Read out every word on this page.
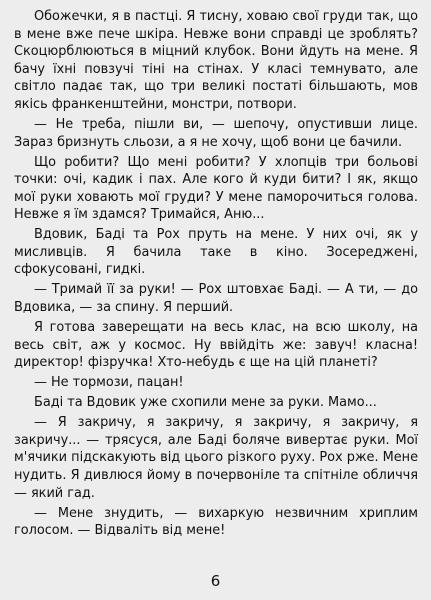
Обожечки, я в пастці. Я тисну, ховаю свої груди так, що в мене вже пече шкіра. Невже вони справді це зроблять? Скоцюрблюються в міцний клубок. Вони йдуть на мене. Я бачу їхні повзучі тіні на стінах. У класі темнувато, але світло падає так, що три великі постаті більшають, мов якісь франкенштейни, монстри, потвори.

— Не треба, пішли ви, — шепочу, опустивши лице. Зараз бризнуть сльози, а я не хочу, щоб вони це бачили.

Що робити? Що мені робити? У хлопців три больові точки: очі, кадик і пах. Але кого й куди бити? І як, якщо мої руки ховають мої груди? У мене паморочиться голова. Невже я їм здамся? Тримайся, Аню...

Вдовик, Баді та Рох пруть на мене. У них очі, як у мисливців. Я бачила таке в кіно. Зосереджені, сфокусовані, гидкі.

— Тримай її за руки! — Рох штовхає Баді. — А ти, — до Вдовика, — за спину. Я перший.

Я готова заверещати на весь клас, на всю школу, на весь світ, аж у космос. Ну ввійдіть же: завуч! класна! директор! фізручка! Хто-небудь є ще на цій планеті?

— Не тормози, пацан!

Баді та Вдовик уже схопили мене за руки. Мамо...

— Я закричу, я закричу, я закричу, я закричу, я закричу... — трясуся, але Баді боляче вивертає руки. Мої м'ячики підскакують від цього різкого руху. Рох рже. Мене нудить. Я дивлюся йому в почервоніле та спітніле обличчя — який гад.

— Мене знудить, — вихаркую незвичним хриплим голосом. — Відваліть від мене!

6
